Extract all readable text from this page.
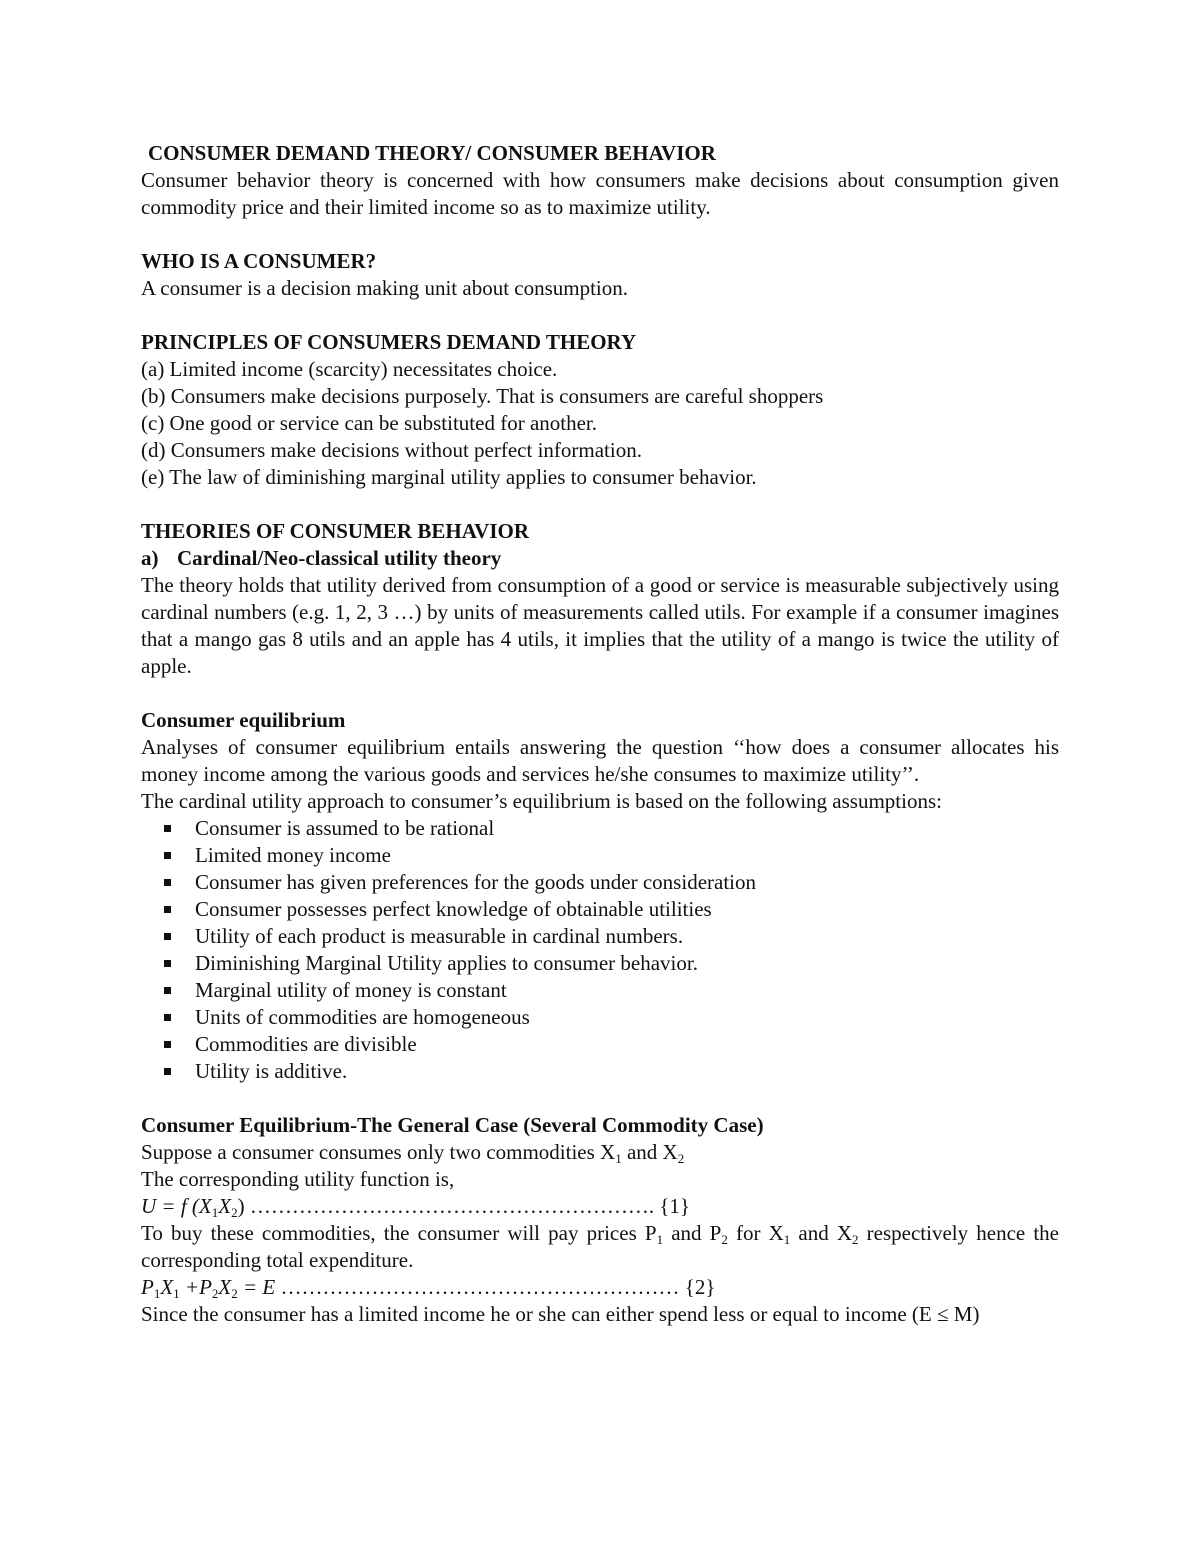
CONSUMER DEMAND THEORY/ CONSUMER BEHAVIOR

Consumer behavior theory is concerned with how consumers make decisions about consumption given commodity price and their limited income so as to maximize utility.

WHO IS A CONSUMER?

A consumer is a decision making unit about consumption.

PRINCIPLES OF CONSUMERS DEMAND THEORY

(a) Limited income (scarcity) necessitates choice.

(b) Consumers make decisions purposely. That is consumers are careful shoppers

(c) One good or service can be substituted for another.

(d) Consumers make decisions without perfect information.

(e) The law of diminishing marginal utility applies to consumer behavior.

THEORIES OF CONSUMER BEHAVIOR

a) Cardinal/Neo-classical utility theory

The theory holds that utility derived from consumption of a good or service is measurable subjectively using cardinal numbers (e.g. 1, 2, 3 …) by units of measurements called utils. For example if a consumer imagines that a mango gas 8 utils and an apple has 4 utils, it implies that the utility of a mango is twice the utility of apple.

Consumer equilibrium

Analyses of consumer equilibrium entails answering the question ‘‘how does a consumer allocates his money income among the various goods and services he/she consumes to maximize utility’’.

The cardinal utility approach to consumer’s equilibrium is based on the following assumptions:

Consumer is assumed to be rational
Limited money income
Consumer has given preferences for the goods under consideration
Consumer possesses perfect knowledge of obtainable utilities
Utility of each product is measurable in cardinal numbers.
Diminishing Marginal Utility applies to consumer behavior.
Marginal utility of money is constant
Units of commodities are homogeneous
Commodities are divisible
Utility is additive.

Consumer Equilibrium-The General Case (Several Commodity Case)

Suppose a consumer consumes only two commodities $X_1$ and $X_2$

The corresponding utility function is,

U = f $(X_1X_2)$ …………………………………………………. {1}

To buy these commodities, the consumer will pay prices $P_1$ and $P_2$ for $X_1$ and $X_2$ respectively hence the corresponding total expenditure.

$P_1X_1 +P_2X_2 = E$ ………………………………………………… {2}

Since the consumer has a limited income he or she can either spend less or equal to income (E ≤ M)
